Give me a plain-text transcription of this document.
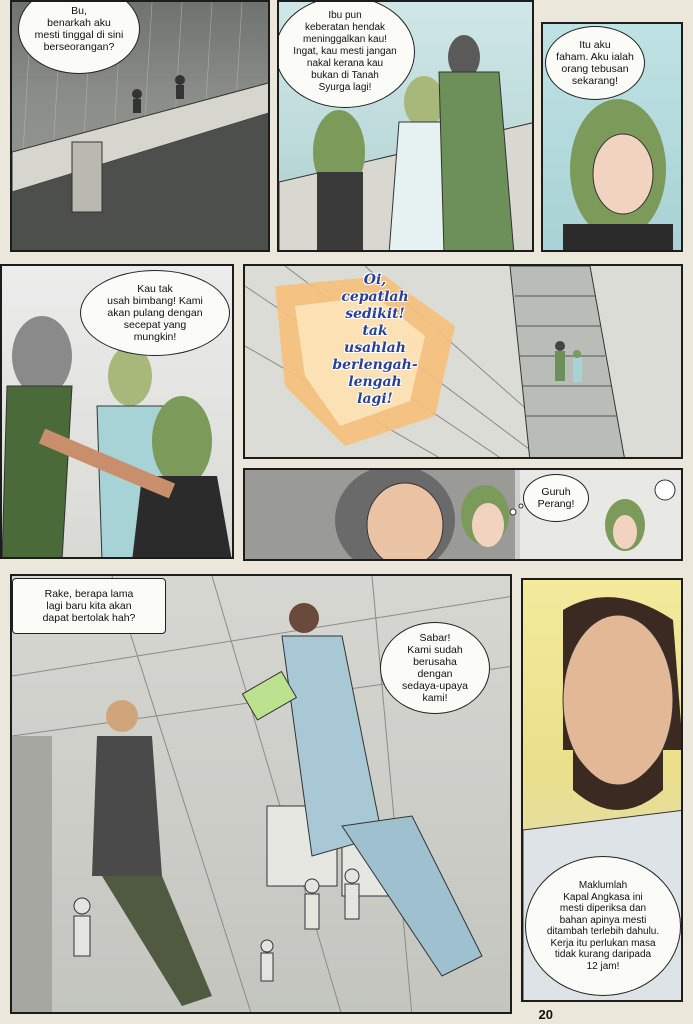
Bu,
benarkah aku
mesti tinggal di sini
berseorangan?
Ibu pun
keberatan hendak
meninggalkan kau!
Ingat, kau mesti jangan
nakal kerana kau
bukan di Tanah
Syurga lagi!
Itu aku
faham. Aku ialah
orang tebusan
sekarang!
Kau tak
usah bimbang! Kami
akan pulang dengan
secepat yang
mungkin!
Oi,
cepatlah
sedikit!
tak
usahlah
berlengah-
lengah
lagi!
Guruh
Perang!
Rake, berapa lama
lagi baru kita akan
dapat bertolak hah?
Sabar!
Kami sudah
berusaha
dengan
sedaya-upaya
kami!
Maklumlah
Kapal Angkasa ini
mesti diperiksa dan
bahan apinya mesti
ditambah terlebih dahulu.
Kerja itu perlukan masa
tidak kurang daripada
12 jam!
20
